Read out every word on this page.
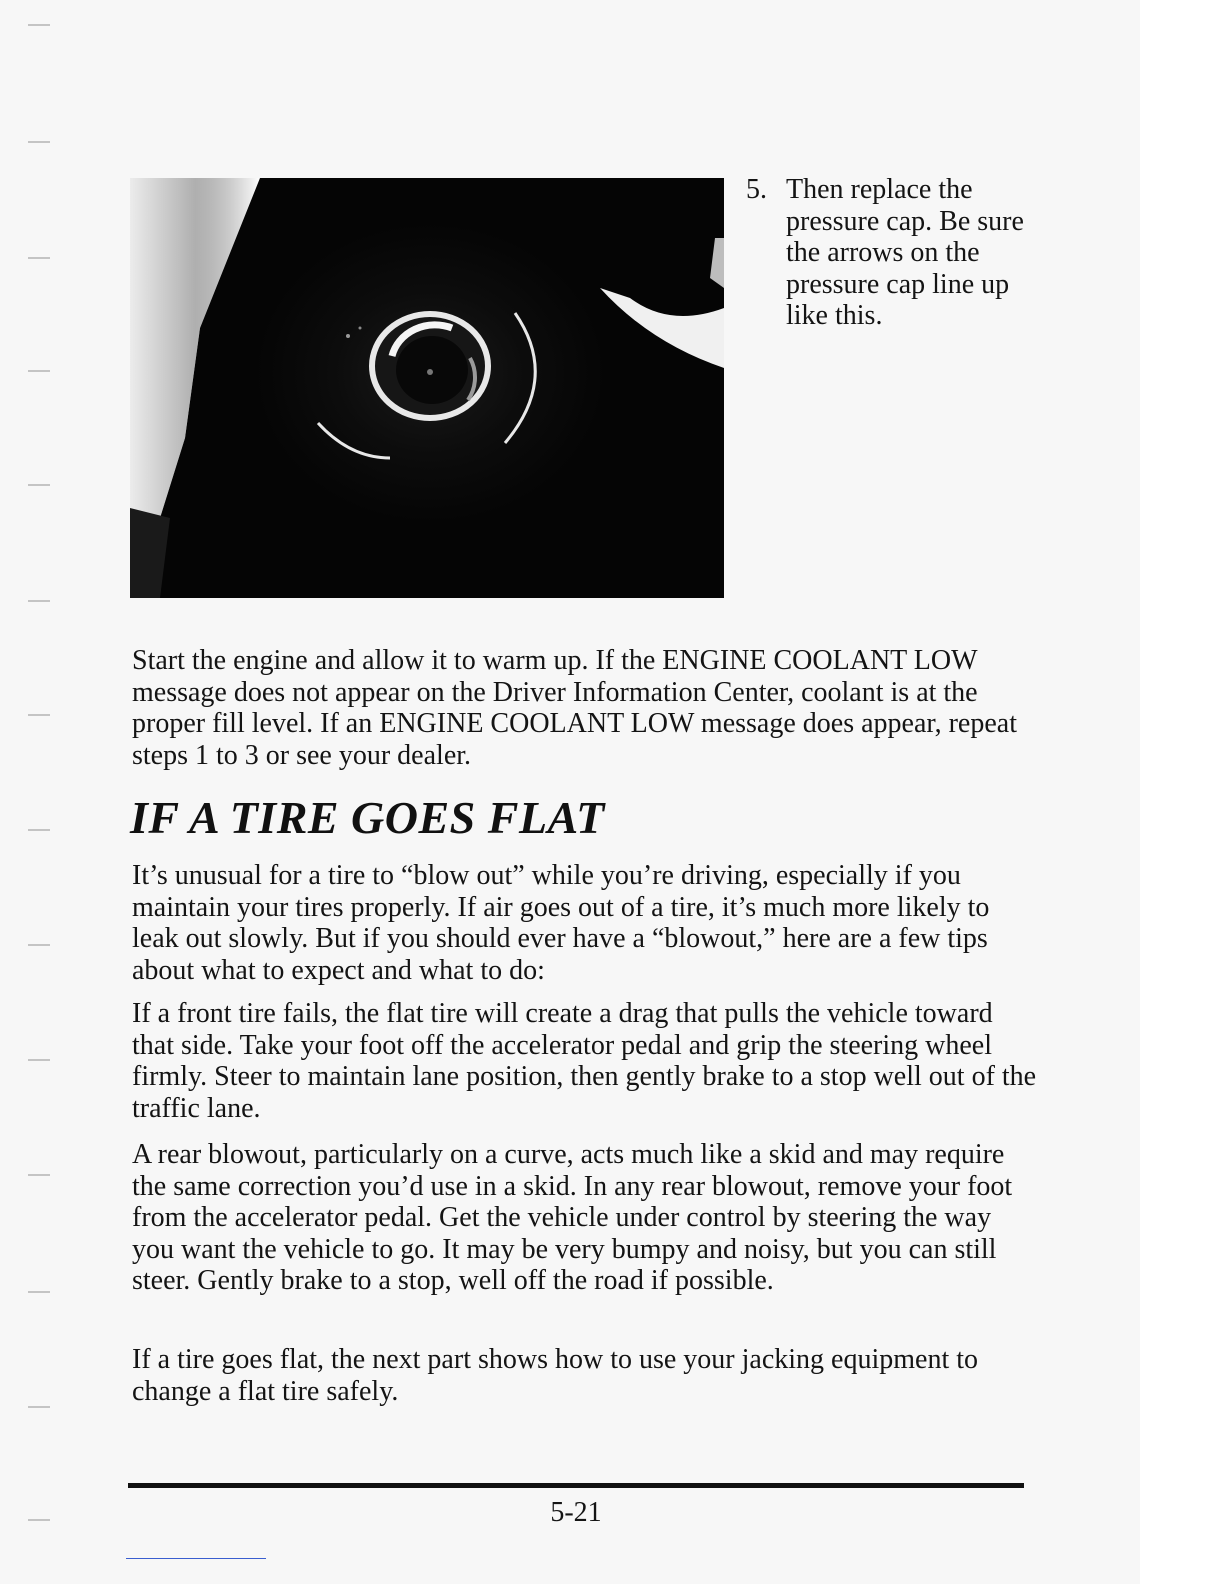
5. Then replace the pressure cap. Be sure the arrows on the pressure cap line up like this.

Start the engine and allow it to warm up. If the ENGINE COOLANT LOW message does not appear on the Driver Information Center, coolant is at the proper fill level. If an ENGINE COOLANT LOW message does appear, repeat steps 1 to 3 or see your dealer.

IF A TIRE GOES FLAT

It’s unusual for a tire to “blow out” while you’re driving, especially if you maintain your tires properly. If air goes out of a tire, it’s much more likely to leak out slowly. But if you should ever have a “blowout,” here are a few tips about what to expect and what to do:

If a front tire fails, the flat tire will create a drag that pulls the vehicle toward that side. Take your foot off the accelerator pedal and grip the steering wheel firmly. Steer to maintain lane position, then gently brake to a stop well out of the traffic lane.

A rear blowout, particularly on a curve, acts much like a skid and may require the same correction you’d use in a skid. In any rear blowout, remove your foot from the accelerator pedal. Get the vehicle under control by steering the way you want the vehicle to go. It may be very bumpy and noisy, but you can still steer. Gently brake to a stop, well off the road if possible.

If a tire goes flat, the next part shows how to use your jacking equipment to change a flat tire safely.

5-21
